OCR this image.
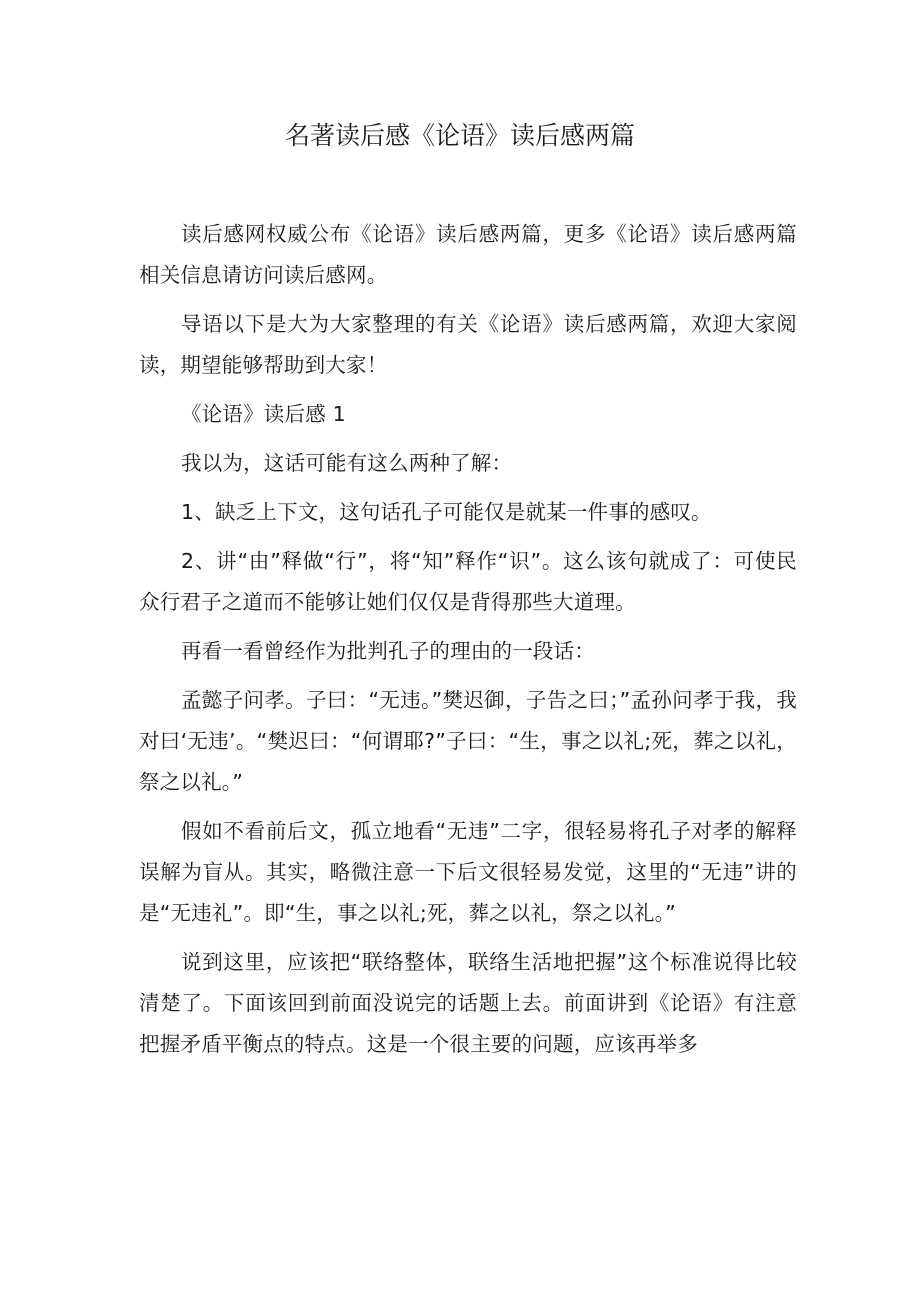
名著读后感《论语》读后感两篇

读后感网权威公布《论语》读后感两篇，更多《论语》读后感两篇相关信息请访问读后感网。

导语以下是大为大家整理的有关《论语》读后感两篇，欢迎大家阅读，期望能够帮助到大家！

《论语》读后感 1

我以为，这话可能有这么两种了解：

1、缺乏上下文，这句话孔子可能仅是就某一件事的感叹。

2、讲“由”释做“行”，将“知”释作“识”。这么该句就成了：可使民众行君子之道而不能够让她们仅仅是背得那些大道理。

再看一看曾经作为批判孔子的理由的一段话：

孟懿子问孝。子曰：“无违。”樊迟御，子告之曰；”孟孙问孝于我，我对曰‘无违’。“樊迟曰：“何谓耶?”子曰：“生，事之以礼;死，葬之以礼，祭之以礼。”

假如不看前后文，孤立地看“无违”二字，很轻易将孔子对孝的解释误解为盲从。其实，略微注意一下后文很轻易发觉，这里的“无违”讲的是“无违礼”。即“生，事之以礼;死，葬之以礼，祭之以礼。”

说到这里，应该把“联络整体，联络生活地把握”这个标准说得比较清楚了。下面该回到前面没说完的话题上去。前面讲到《论语》有注意把握矛盾平衡点的特点。这是一个很主要的问题，应该再举多
